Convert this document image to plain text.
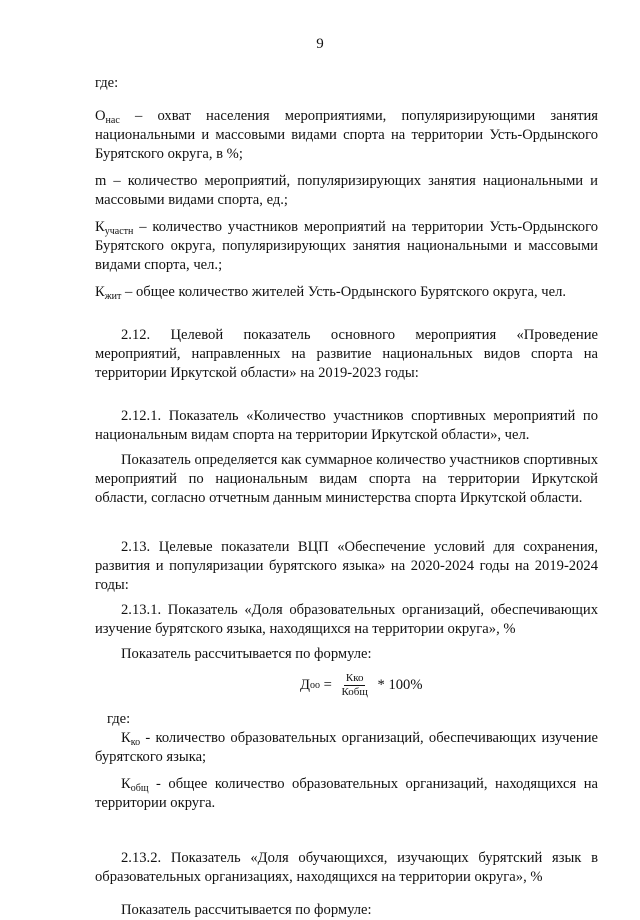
9

где:

$О_{нас}$ – охват населения мероприятиями, популяризирующими занятия национальными и массовыми видами спорта на территории Усть-Ордынского Бурятского округа, в %;

m – количество мероприятий, популяризирующих занятия национальными и массовыми видами спорта, ед.;

$К_{участн}$ – количество участников мероприятий на территории Усть-Ордынского Бурятского округа, популяризирующих занятия национальными и массовыми видами спорта, чел.;

$К_{жит}$ – общее количество жителей Усть-Ордынского Бурятского округа, чел.

2.12. Целевой показатель основного мероприятия «Проведение мероприятий, направленных на развитие национальных видов спорта на территории Иркутской области» на 2019-2023 годы:

2.12.1. Показатель «Количество участников спортивных мероприятий по национальным видам спорта на территории Иркутской области», чел.

Показатель определяется как суммарное количество участников спортивных мероприятий по национальным видам спорта на территории Иркутской области, согласно отчетным данным министерства спорта Иркутской области.

2.13. Целевые показатели ВЦП «Обеспечение условий для сохранения, развития и популяризации бурятского языка» на 2020-2024 годы на 2019-2024 годы:

2.13.1. Показатель «Доля образовательных организаций, обеспечивающих изучение бурятского языка, находящихся на территории округа», %

Показатель рассчитывается по формуле:

Д оо = $\frac{\text{Кко}}{\text{Кобщ}} * 100\%$

где:

$К_{ко}$ - количество образовательных организаций, обеспечивающих изучение бурятского языка;

$К_{общ}$ - общее количество образовательных организаций, находящихся на территории округа.

2.13.2. Показатель «Доля обучающихся, изучающих бурятский язык в образовательных организациях, находящихся на территории округа», %

Показатель рассчитывается по формуле:
